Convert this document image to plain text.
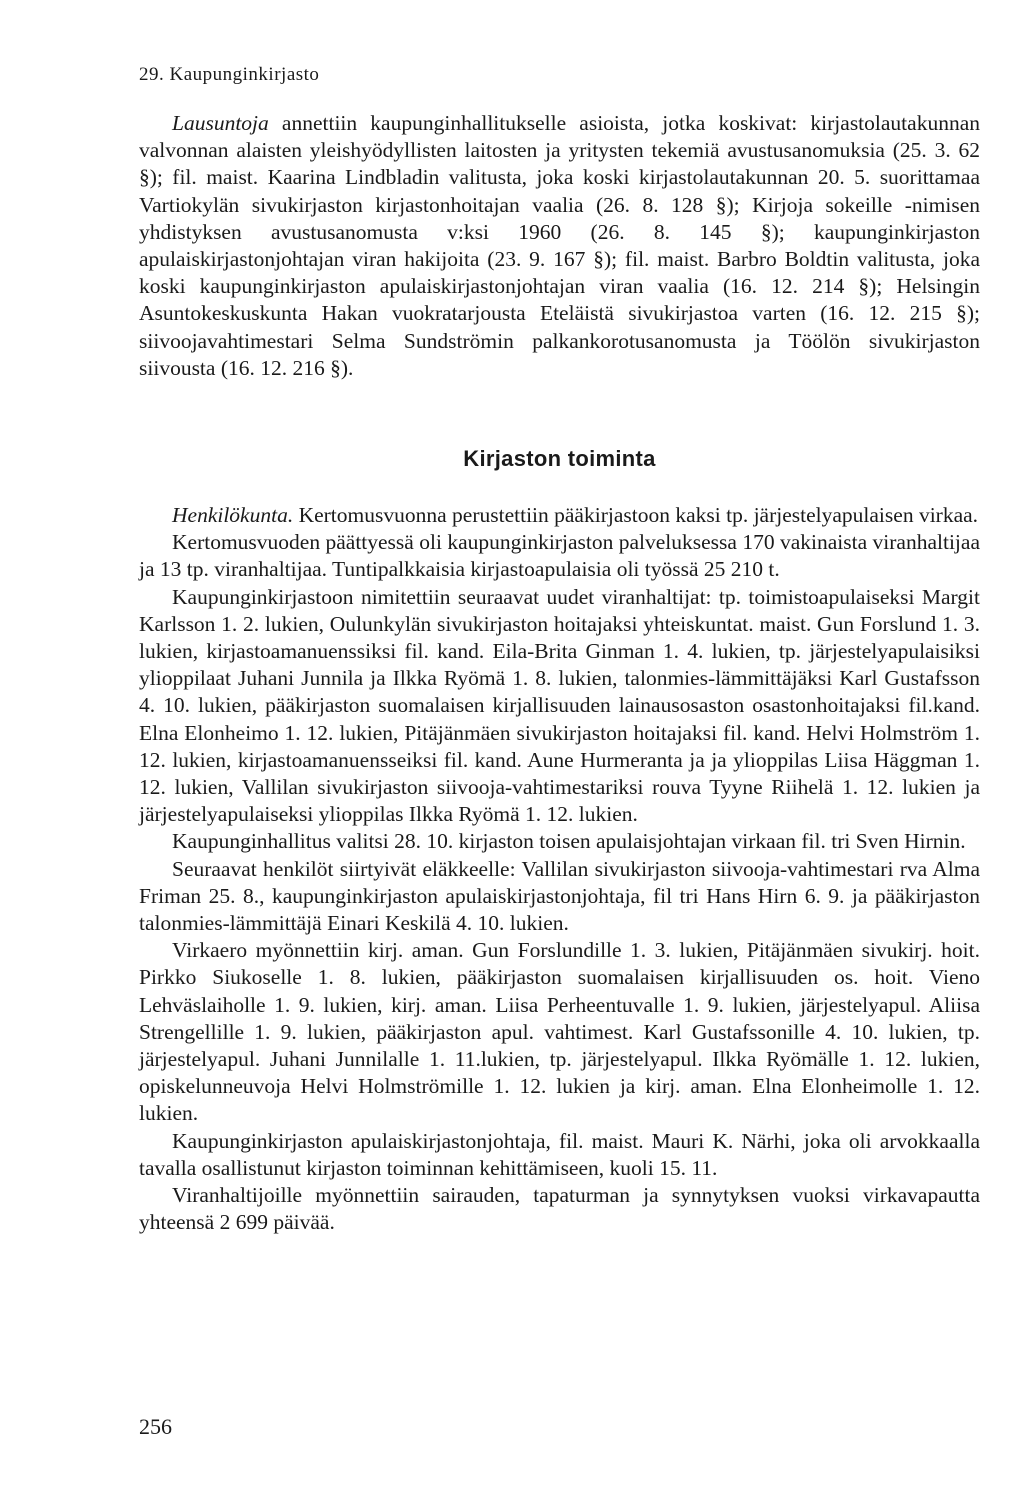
29. Kaupunginkirjasto

Lausuntoja annettiin kaupunginhallitukselle asioista, jotka koskivat: kirjastolautakunnan valvonnan alaisten yleishyödyllisten laitosten ja yritysten tekemiä avustusanomuksia (25. 3. 62 §); fil. maist. Kaarina Lindbladin valitusta, joka koski kirjastolautakunnan 20. 5. suorittamaa Vartiokylän sivukirjaston kirjastonhoitajan vaalia (26. 8. 128 §); Kirjoja sokeille -nimisen yhdistyksen avustusanomusta v:ksi 1960 (26. 8. 145 §); kaupunginkirjaston apulaiskirjastonjohtajan viran hakijoita (23. 9. 167 §); fil. maist. Barbro Boldtin valitusta, joka koski kaupunginkirjaston apulaiskirjastonjohtajan viran vaalia (16. 12. 214 §); Helsingin Asuntokeskuskunta Hakan vuokratarjousta Eteläistä sivukirjastoa varten (16. 12. 215 §); siivoojavahtimestari Selma Sundströmin palkankorotusanomusta ja Töölön sivukirjaston siivousta (16. 12. 216 §).

Kirjaston toiminta

Henkilökunta. Kertomusvuonna perustettiin pääkirjastoon kaksi tp. järjestelyapulaisen virkaa.

Kertomusvuoden päättyessä oli kaupunginkirjaston palveluksessa 170 vakinaista viranhaltijaa ja 13 tp. viranhaltijaa. Tuntipalkkaisia kirjastoapulaisia oli työssä 25 210 t.

Kaupunginkirjastoon nimitettiin seuraavat uudet viranhaltijat: tp. toimistoapulaiseksi Margit Karlsson 1. 2. lukien, Oulunkylän sivukirjaston hoitajaksi yhteiskuntat. maist. Gun Forslund 1. 3. lukien, kirjastoamanuenssiksi fil. kand. Eila-Brita Ginman 1. 4. lukien, tp. järjestelyapulaisiksi ylioppilaat Juhani Junnila ja Ilkka Ryömä 1. 8. lukien, talonmies-lämmittäjäksi Karl Gustafsson 4. 10. lukien, pääkirjaston suomalaisen kirjallisuuden lainausosaston osastonhoitajaksi fil.kand. Elna Elonheimo 1. 12. lukien, Pitäjänmäen sivukirjaston hoitajaksi fil. kand. Helvi Holmström 1. 12. lukien, kirjastoamanuensseiksi fil. kand. Aune Hurmeranta ja ja ylioppilas Liisa Häggman 1. 12. lukien, Vallilan sivukirjaston siivooja-vahtimestariksi rouva Tyyne Riihelä 1. 12. lukien ja järjestelyapulaiseksi ylioppilas Ilkka Ryömä 1. 12. lukien.

Kaupunginhallitus valitsi 28. 10. kirjaston toisen apulaisjohtajan virkaan fil. tri Sven Hirnin.

Seuraavat henkilöt siirtyivät eläkkeelle: Vallilan sivukirjaston siivooja-vahtimestari rva Alma Friman 25. 8., kaupunginkirjaston apulaiskirjastonjohtaja, fil tri Hans Hirn 6. 9. ja pääkirjaston talonmies-lämmittäjä Einari Keskilä 4. 10. lukien.

Virkaero myönnettiin kirj. aman. Gun Forslundille 1. 3. lukien, Pitäjänmäen sivukirj. hoit. Pirkko Siukoselle 1. 8. lukien, pääkirjaston suomalaisen kirjallisuuden os. hoit. Vieno Lehväslaiholle 1. 9. lukien, kirj. aman. Liisa Perheentuvalle 1. 9. lukien, järjestelyapul. Aliisa Strengellille 1. 9. lukien, pääkirjaston apul. vahtimest. Karl Gustafssonille 4. 10. lukien, tp. järjestelyapul. Juhani Junnilalle 1. 11.lukien, tp. järjestelyapul. Ilkka Ryömälle 1. 12. lukien, opiskelunneuvoja Helvi Holmströmille 1. 12. lukien ja kirj. aman. Elna Elonheimolle 1. 12. lukien.

Kaupunginkirjaston apulaiskirjastonjohtaja, fil. maist. Mauri K. Närhi, joka oli arvokkaalla tavalla osallistunut kirjaston toiminnan kehittämiseen, kuoli 15. 11.

Viranhaltijoille myönnettiin sairauden, tapaturman ja synnytyksen vuoksi virkavapautta yhteensä 2 699 päivää.

256
